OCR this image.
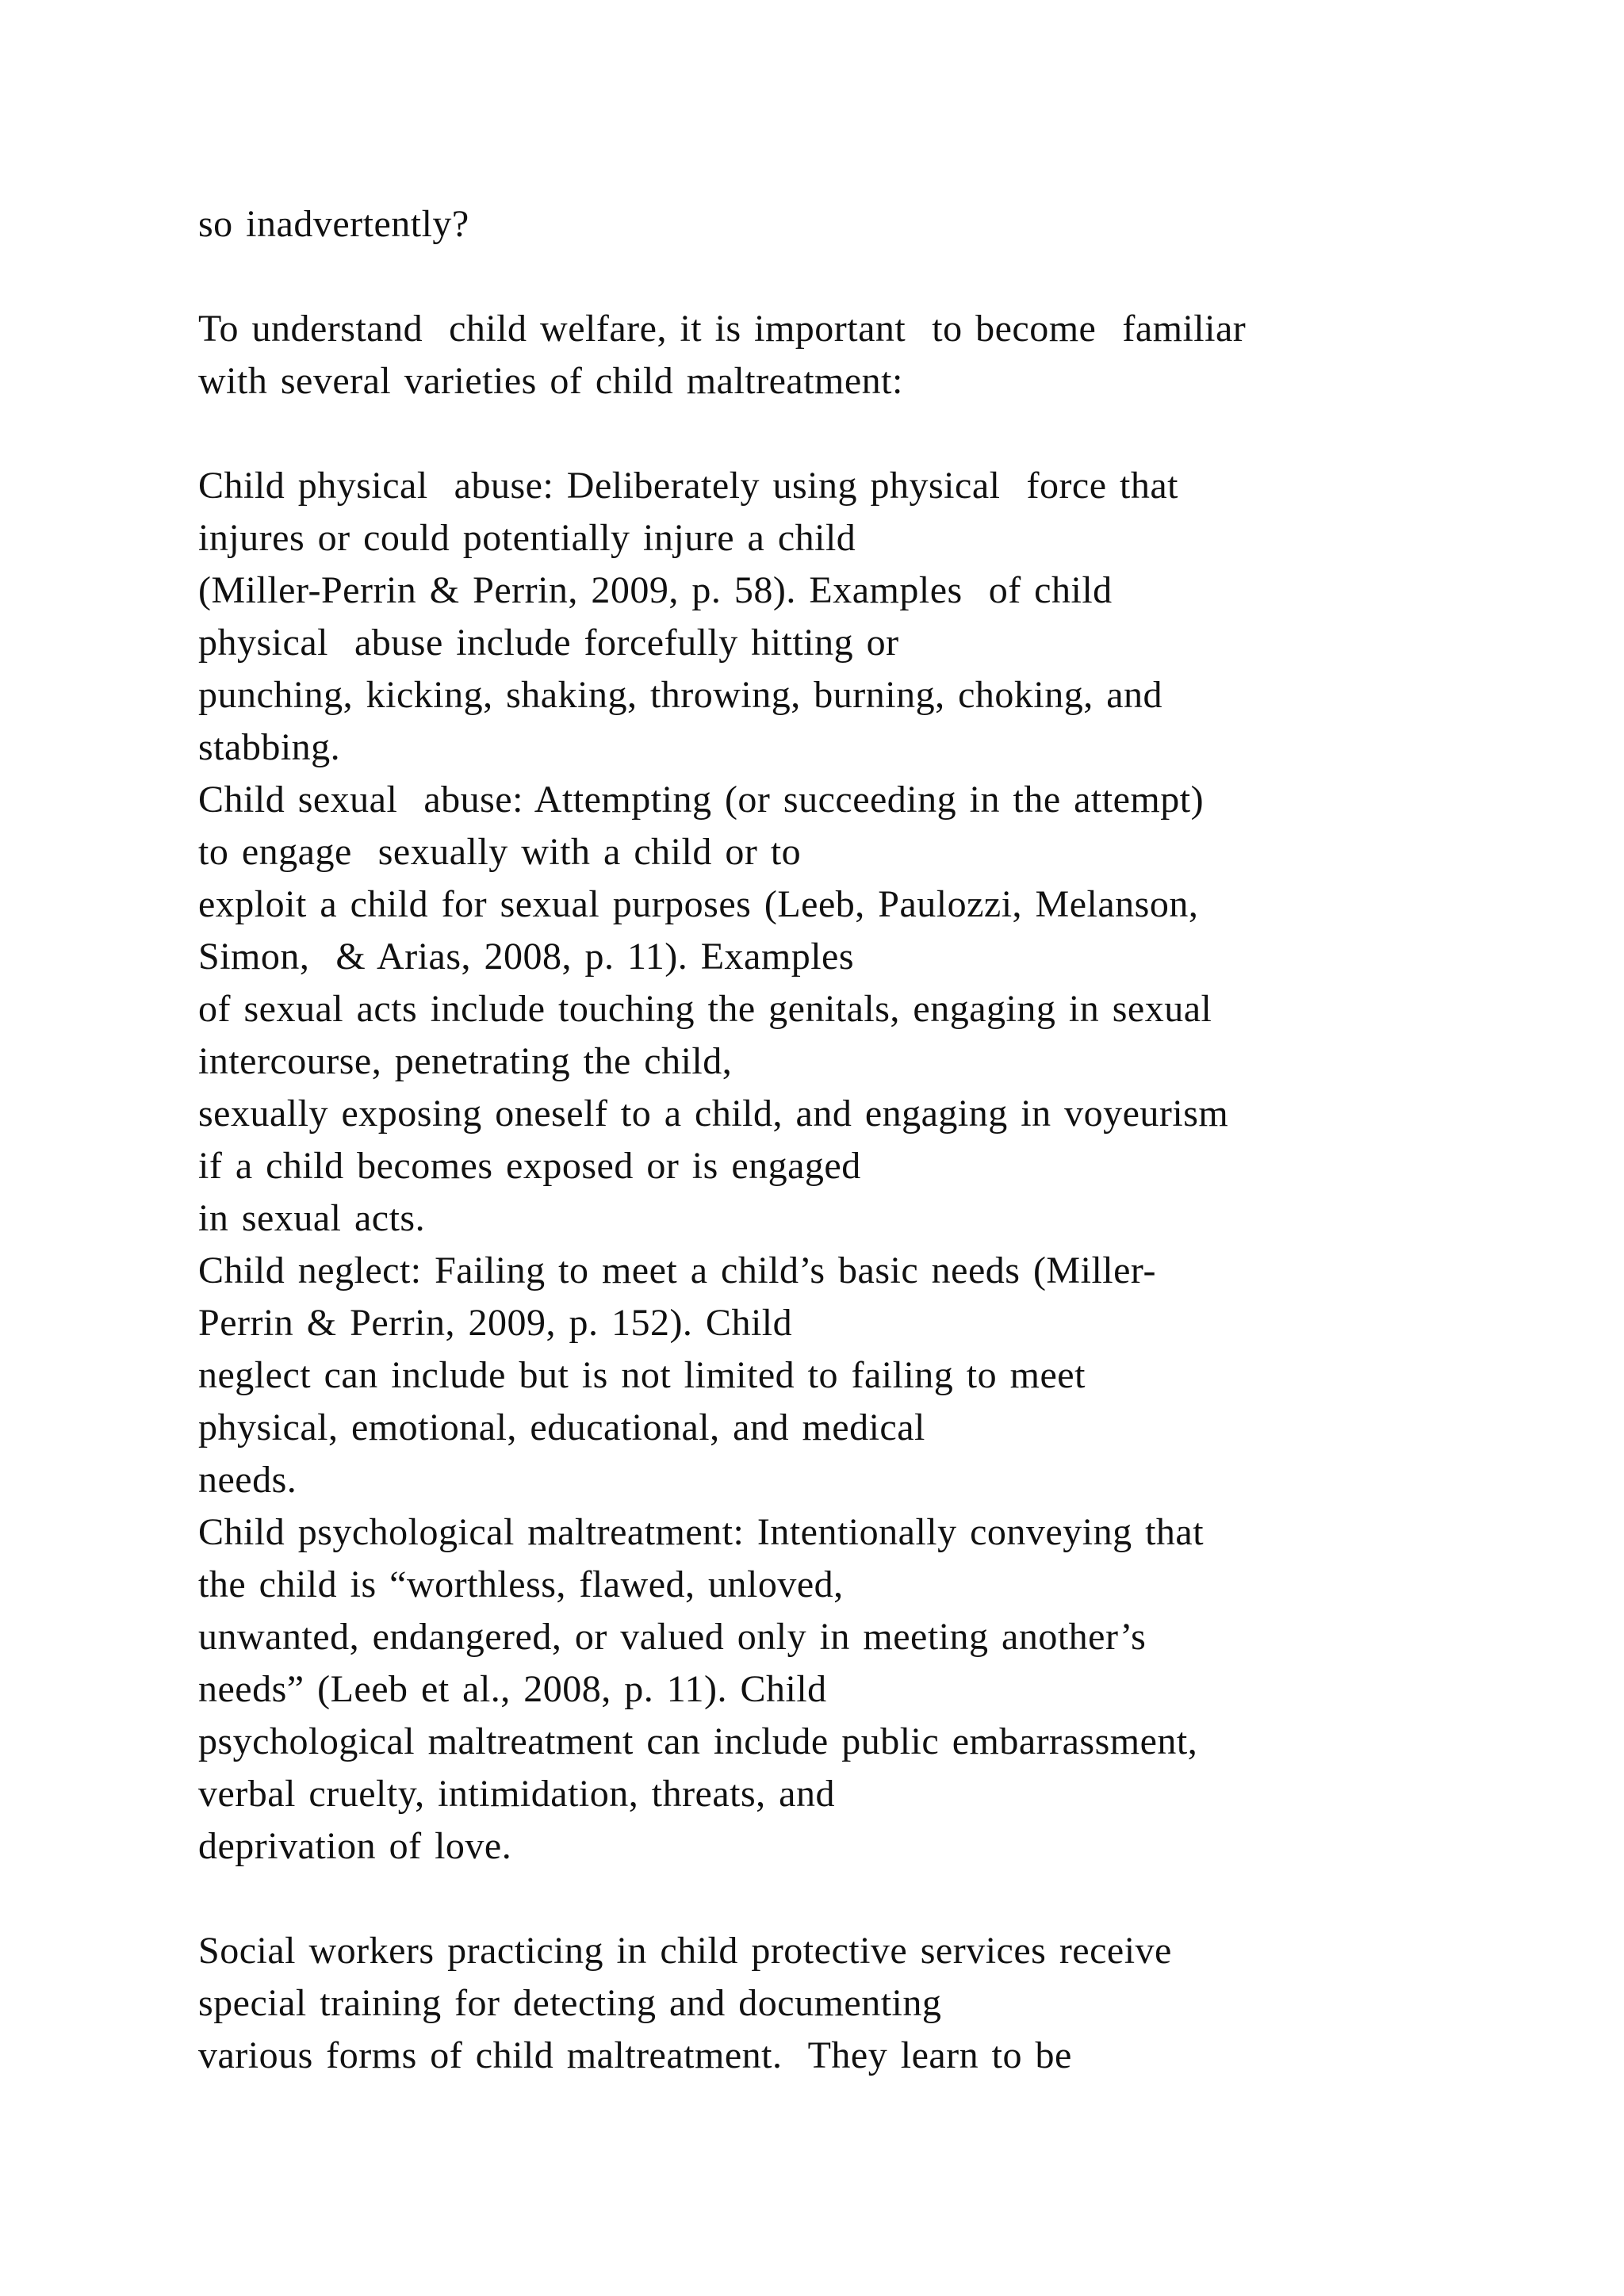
so inadvertently?
To understand  child welfare, it is important  to become  familiar
with several varieties of child maltreatment:
Child physical  abuse: Deliberately using physical  force that
injures or could potentially injure a child
(Miller-Perrin & Perrin, 2009, p. 58). Examples  of child
physical  abuse include forcefully hitting or
punching, kicking, shaking, throwing, burning, choking, and
stabbing.
Child sexual  abuse: Attempting (or succeeding in the attempt)
to engage  sexually with a child or to
exploit a child for sexual purposes (Leeb, Paulozzi, Melanson,
Simon,  & Arias, 2008, p. 11). Examples
of sexual acts include touching the genitals, engaging in sexual
intercourse, penetrating the child,
sexually exposing oneself to a child, and engaging in voyeurism
if a child becomes exposed or is engaged
in sexual acts.
Child neglect: Failing to meet a child’s basic needs (Miller-
Perrin & Perrin, 2009, p. 152). Child
neglect can include but is not limited to failing to meet
physical, emotional, educational, and medical
needs.
Child psychological maltreatment: Intentionally conveying that
the child is “worthless, flawed, unloved,
unwanted, endangered, or valued only in meeting another’s
needs” (Leeb et al., 2008, p. 11). Child
psychological maltreatment can include public embarrassment,
verbal cruelty, intimidation, threats, and
deprivation of love.
Social workers practicing in child protective services receive
special training for detecting and documenting
various forms of child maltreatment.  They learn to be
